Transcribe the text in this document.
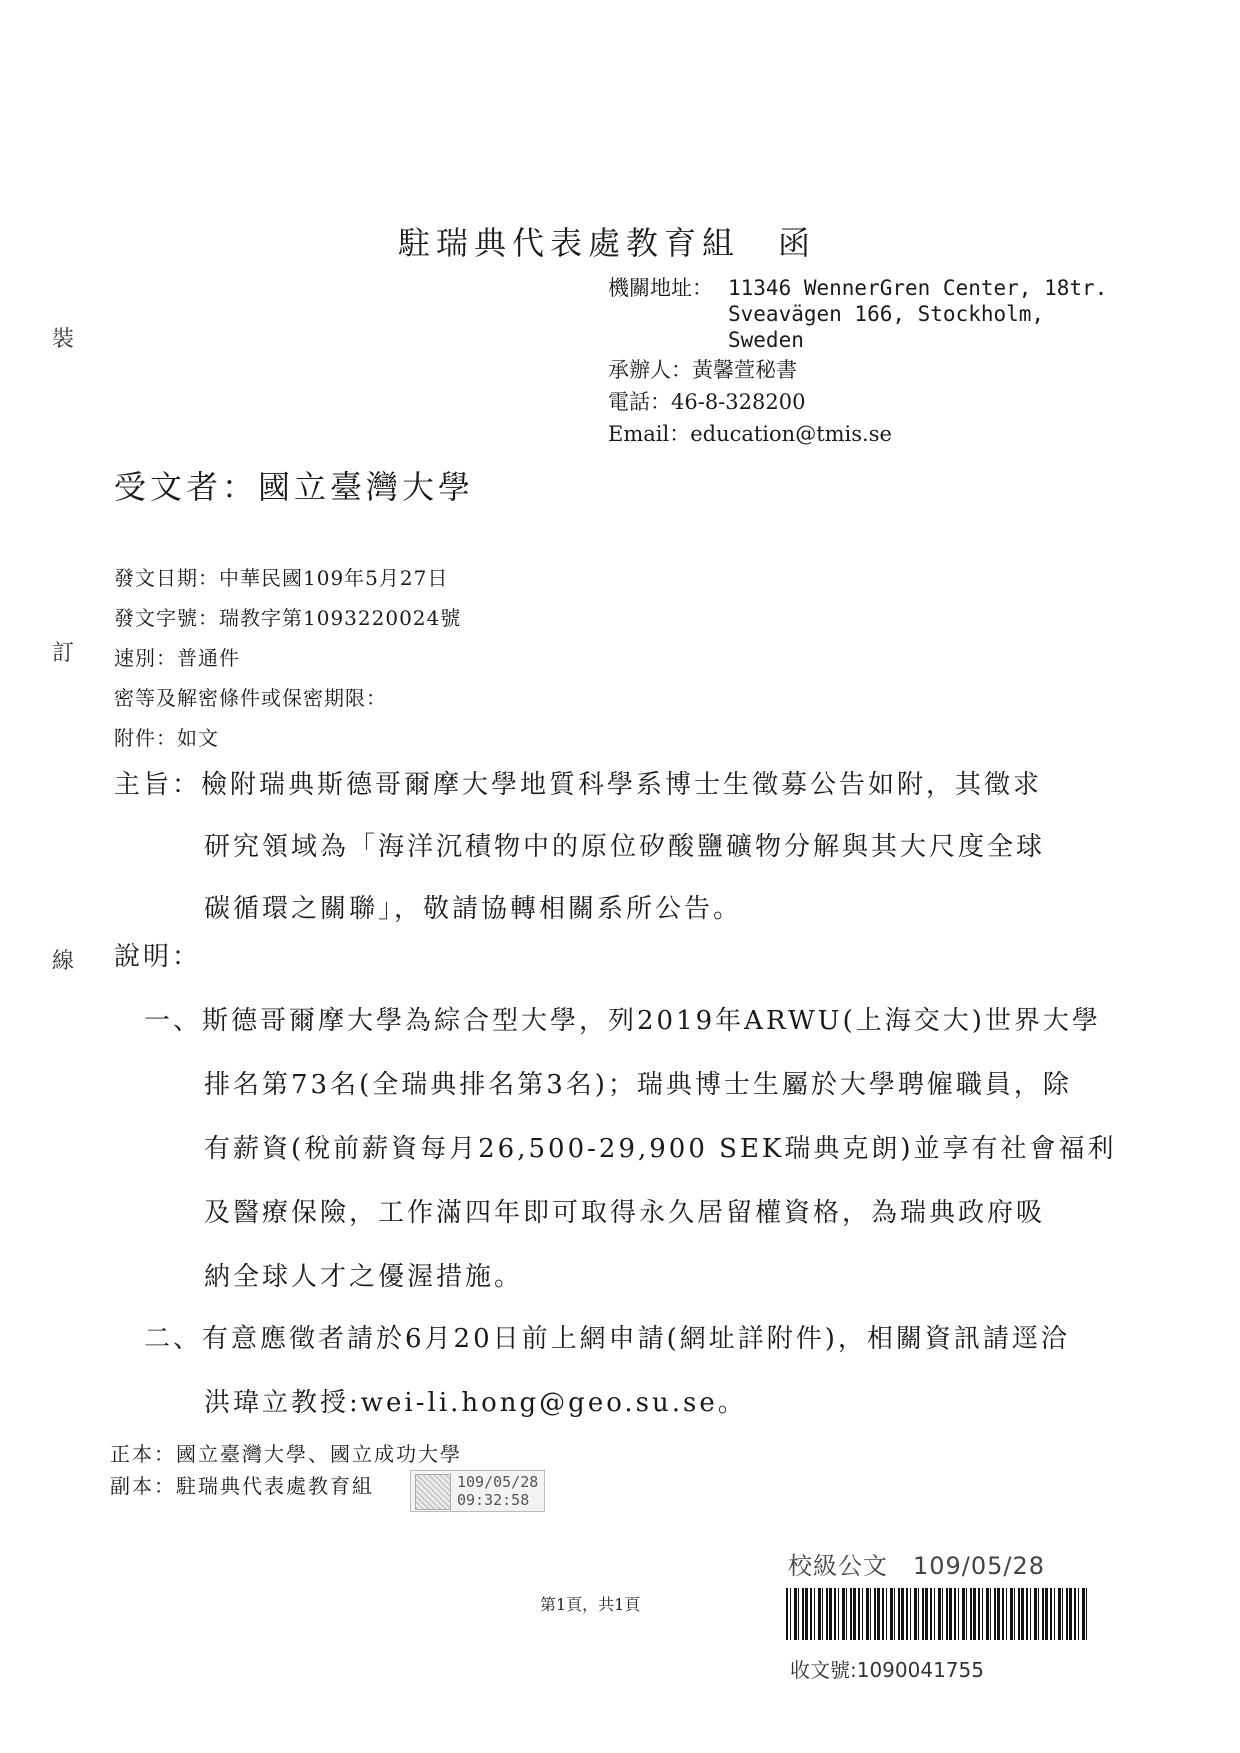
裝
訂
線
駐瑞典代表處教育組　函
機關地址： 11346 WennerGren Center, 18tr.
Sveavägen 166, Stockholm,
Sweden
承辦人：黃馨萱秘書
電話：46-8-328200
Email：education@tmis.se
受文者：國立臺灣大學
發文日期：中華民國109年5月27日
發文字號：瑞教字第1093220024號
速別：普通件
密等及解密條件或保密期限：
附件：如文
主旨：檢附瑞典斯德哥爾摩大學地質科學系博士生徵募公告如附，其徵求
研究領域為「海洋沉積物中的原位矽酸鹽礦物分解與其大尺度全球
碳循環之關聯」，敬請協轉相關系所公告。
說明：
一、斯德哥爾摩大學為綜合型大學，列2019年ARWU(上海交大)世界大學
排名第73名(全瑞典排名第3名)；瑞典博士生屬於大學聘僱職員，除
有薪資(稅前薪資每月26,500-29,900 SEK瑞典克朗)並享有社會福利
及醫療保險，工作滿四年即可取得永久居留權資格，為瑞典政府吸
納全球人才之優渥措施。
二、有意應徵者請於6月20日前上網申請(網址詳附件)，相關資訊請逕洽
洪瑋立教授:wei-li.hong@geo.su.se。
正本：國立臺灣大學、國立成功大學
副本：駐瑞典代表處教育組	109/05/28
09:32:58
校級公文　109/05/28
收文號:1090041755
第1頁，共1頁
